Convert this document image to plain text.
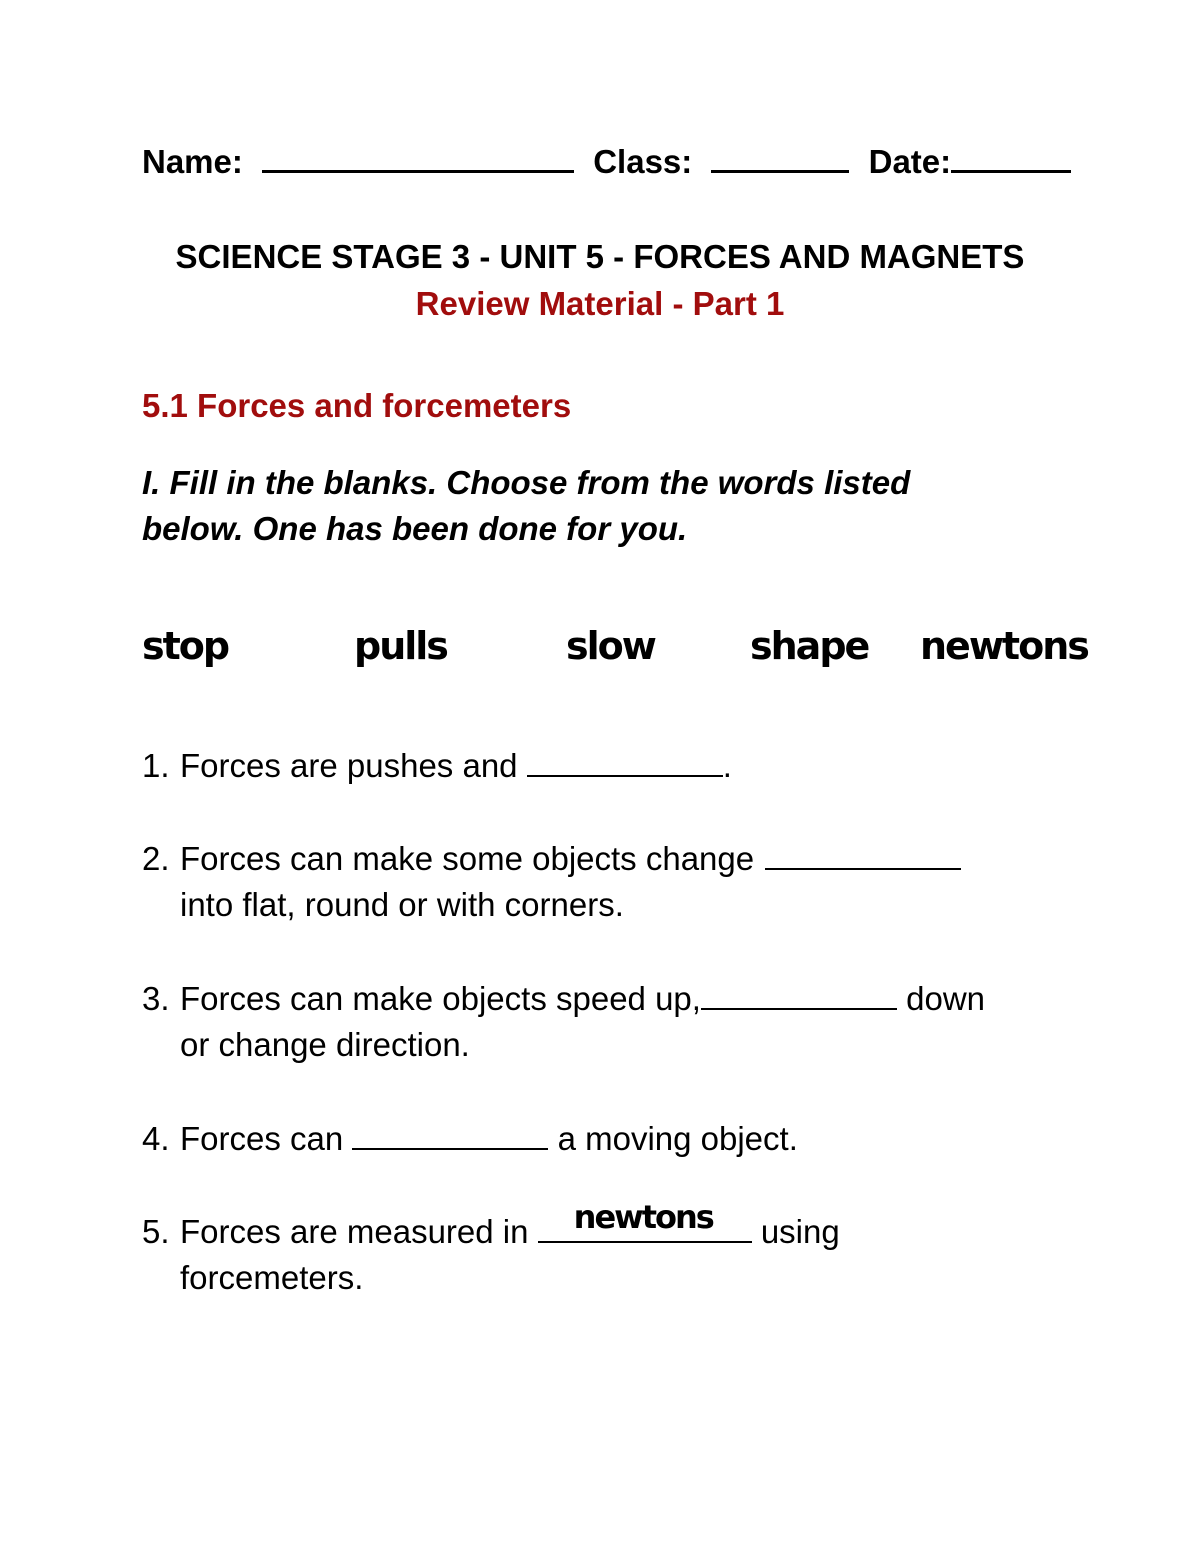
Name:	Class:	Date:
SCIENCE STAGE 3 - UNIT 5 - FORCES AND MAGNETS
Review Material - Part 1
5.1 Forces and forcemeters
I. Fill in the blanks. Choose from the words listed
below. One has been done for you.
stop	pulls	slow	shape newtons
1. Forces are pushes and	.
2. Forces can make some objects change
into flat, round or with corners.
3. Forces can make objects speed up,	down
or change direction.
4. Forces can	a moving object.
5. Forces are measured in newtons using
forcemeters.
